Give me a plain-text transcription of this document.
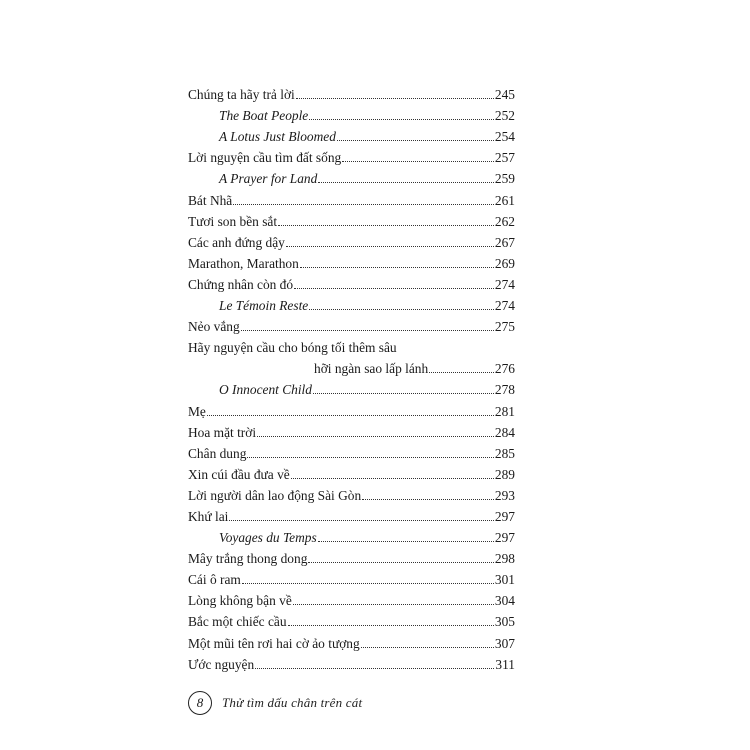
Chúng ta hãy trả lời	245
The Boat People	252
A Lotus Just Bloomed	254
Lời nguyện cầu tìm đất sống	257
A Prayer for Land	259
Bát Nhã	261
Tươi son bền sắt	262
Các anh đứng dậy	267
Marathon, Marathon	269
Chứng nhân còn đó	274
Le Témoin Reste	274
Nẻo vắng	275
Hãy nguyện cầu cho bóng tối thêm sâu
hỡi ngàn sao lấp lánh	276
O Innocent Child	278
Mẹ	281
Hoa mặt trời	284
Chân dung	285
Xin cúi đầu đưa về	289
Lời người dân lao động Sài Gòn	293
Khứ lai	297
Voyages du Temps	297
Mây trắng thong dong	298
Cái ô ram	301
Lòng không bận về	304
Bắc một chiếc cầu	305
Một mũi tên rơi hai cờ ảo tượng	307
Ước nguyện	311
8 Thử tìm dấu chân trên cát
